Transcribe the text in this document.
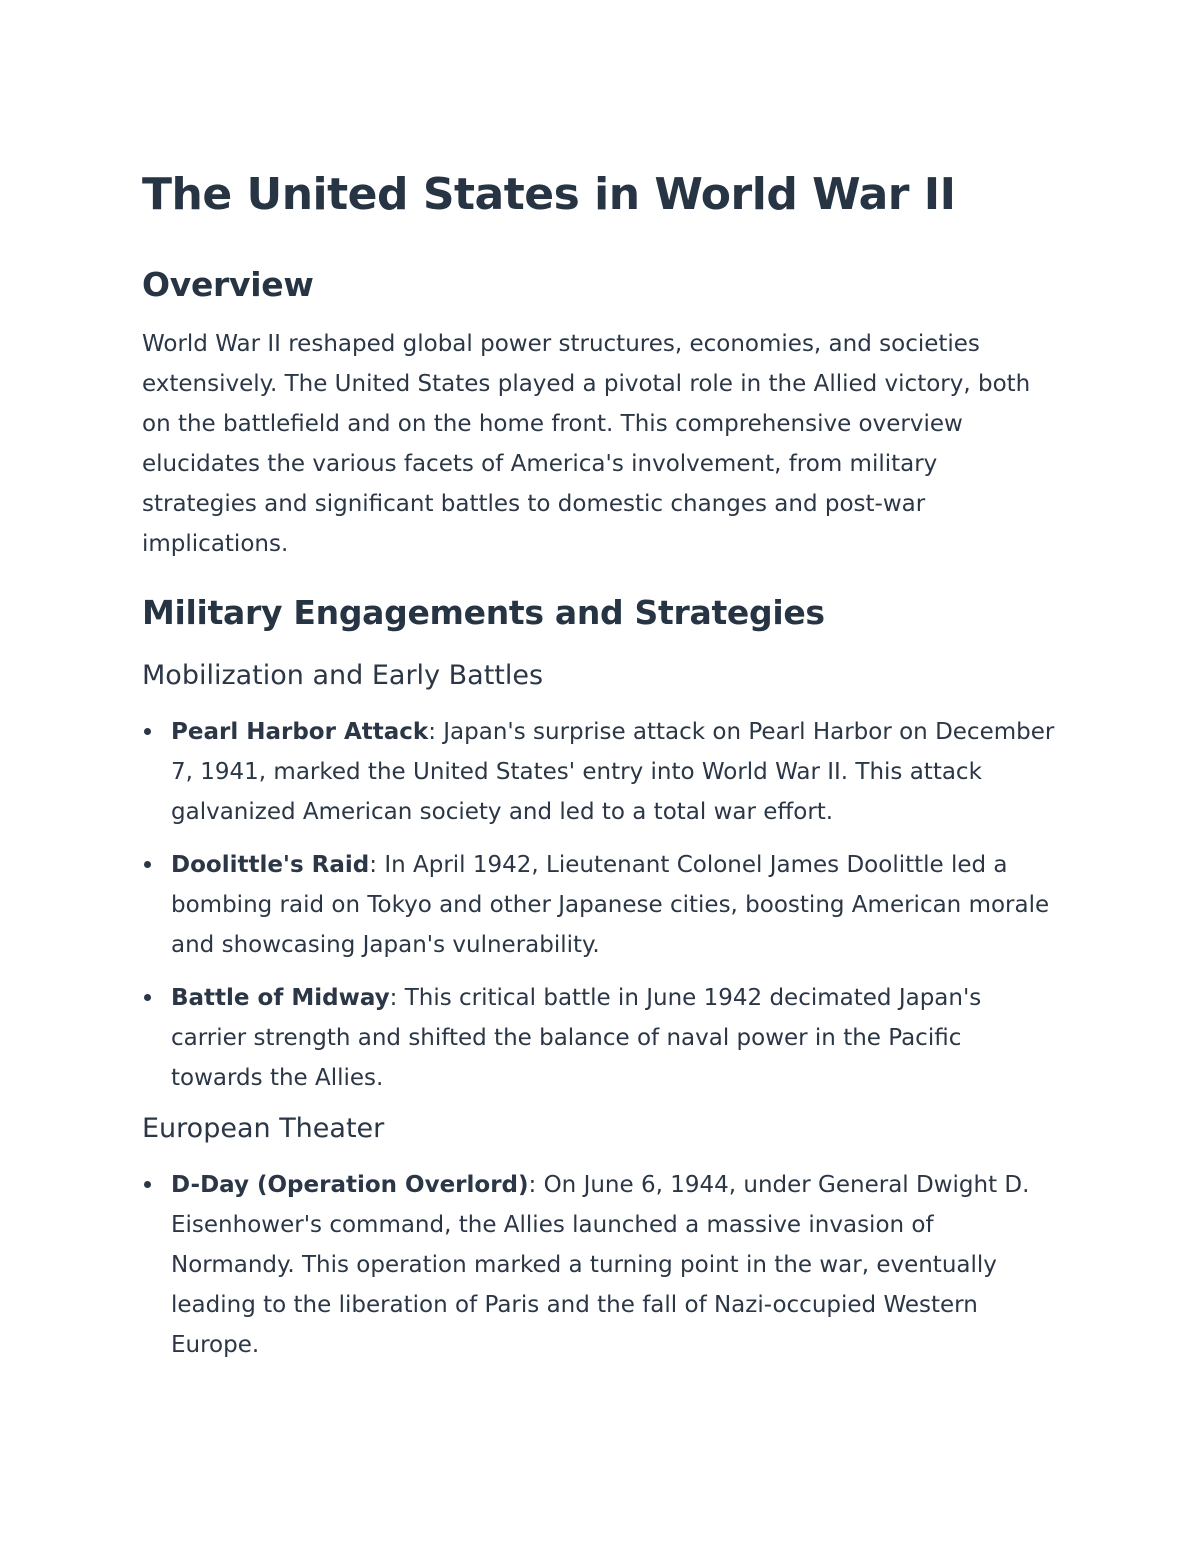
The United States in World War II
Overview

World War II reshaped global power structures, economies, and societies extensively. The United States played a pivotal role in the Allied victory, both on the battlefield and on the home front. This comprehensive overview elucidates the various facets of America's involvement, from military strategies and significant battles to domestic changes and post-war implications.

Military Engagements and Strategies
Mobilization and Early Battles
Pearl Harbor Attack: Japan's surprise attack on Pearl Harbor on December 7, 1941, marked the United States' entry into World War II. This attack galvanized American society and led to a total war effort.
Doolittle's Raid: In April 1942, Lieutenant Colonel James Doolittle led a bombing raid on Tokyo and other Japanese cities, boosting American morale and showcasing Japan's vulnerability.
Battle of Midway: This critical battle in June 1942 decimated Japan's carrier strength and shifted the balance of naval power in the Pacific towards the Allies.
European Theater
D-Day (Operation Overlord): On June 6, 1944, under General Dwight D. Eisenhower's command, the Allies launched a massive invasion of Normandy. This operation marked a turning point in the war, eventually leading to the liberation of Paris and the fall of Nazi-occupied Western Europe.
